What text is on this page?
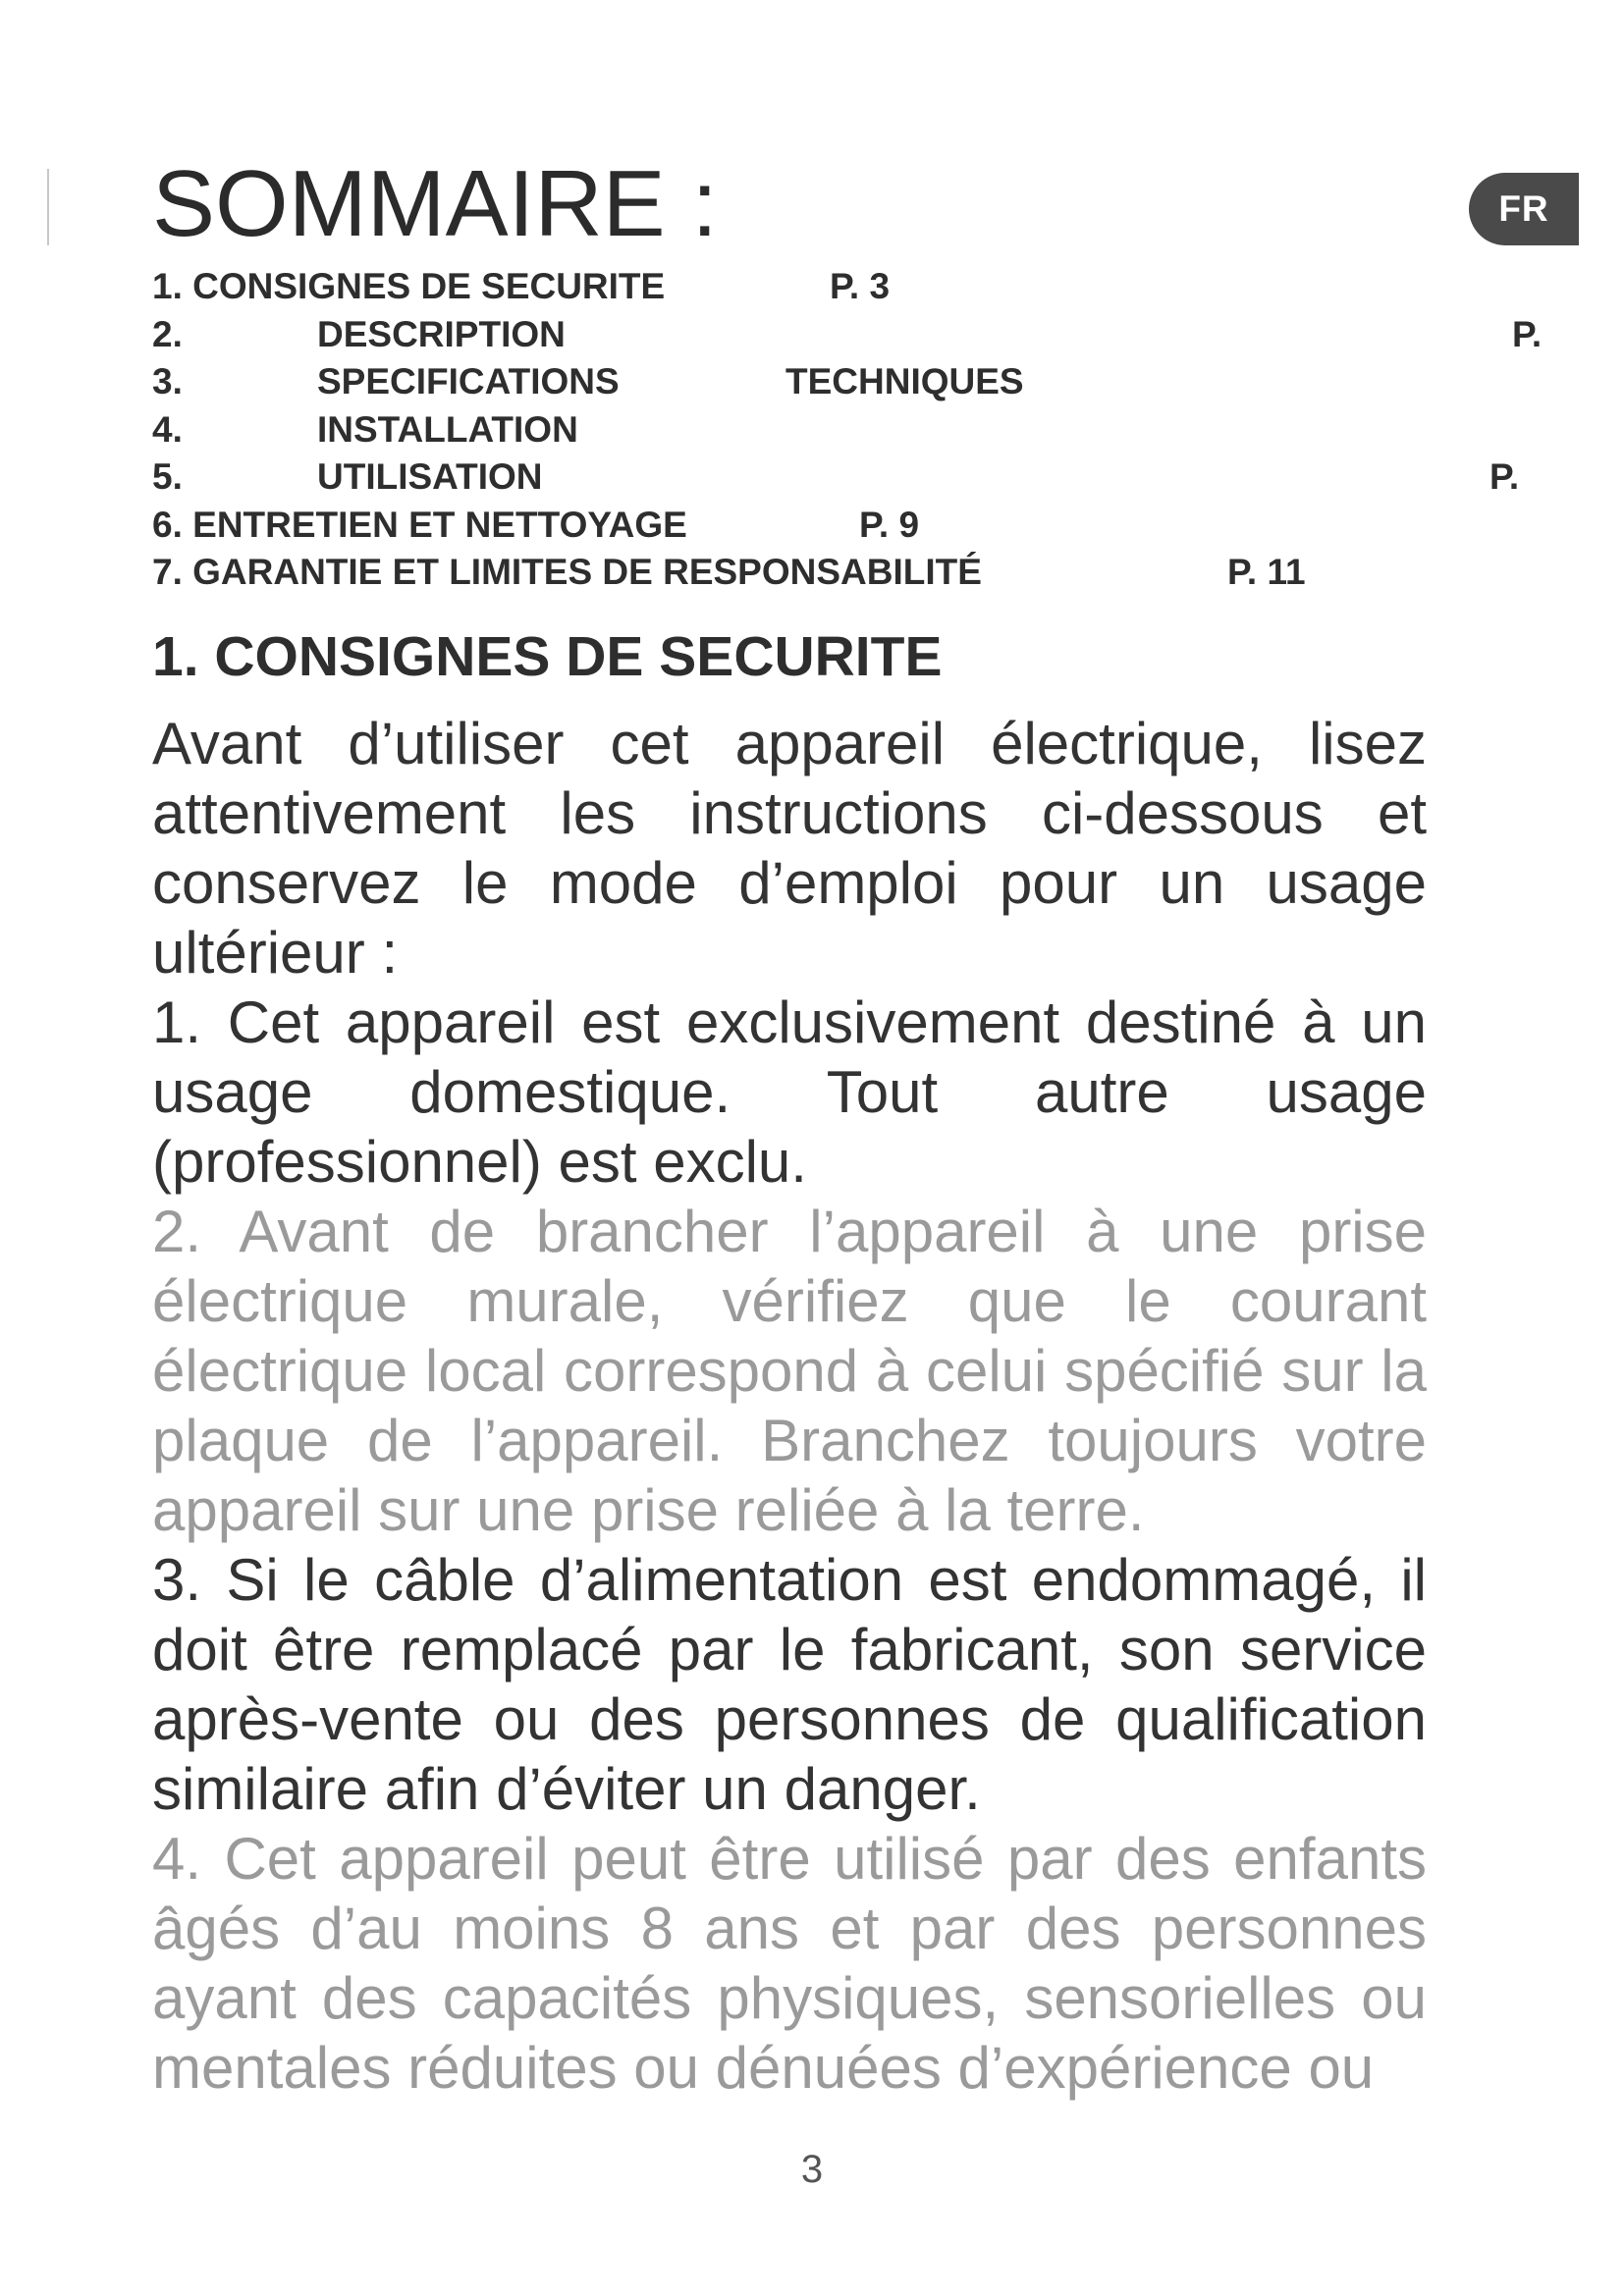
SOMMAIRE :	FR
1. CONSIGNES DE SECURITE	P. 3
2.	DESCRIPTION	P.
3.	SPECIFICATIONS	TECHNIQUES
4.	INSTALLATION
5.	UTILISATION	P.
6. ENTRETIEN ET NETTOYAGE	P. 9
7. GARANTIE ET LIMITES DE RESPONSABILITÉ	P. 11
1. CONSIGNES DE SECURITE

Avant d’utiliser cet appareil électrique, lisez attentivement les instructions ci-dessous et conservez le mode d’emploi pour un usage ultérieur :

1. Cet appareil est exclusivement destiné à un usage domestique. Tout autre usage (professionnel) est exclu.

2. Avant de brancher l’appareil à une prise électrique murale, vérifiez que le courant électrique local correspond à celui spécifié sur la plaque de l’appareil. Branchez toujours votre appareil sur une prise reliée à la terre.

3. Si le câble d’alimentation est endommagé, il doit être remplacé par le fabricant, son service après-vente ou des personnes de qualification similaire afin d’éviter un danger.

4. Cet appareil peut être utilisé par des enfants âgés d’au moins 8 ans et par des personnes ayant des capacités physiques, sensorielles ou mentales réduites ou dénuées d’expérience ou

3
